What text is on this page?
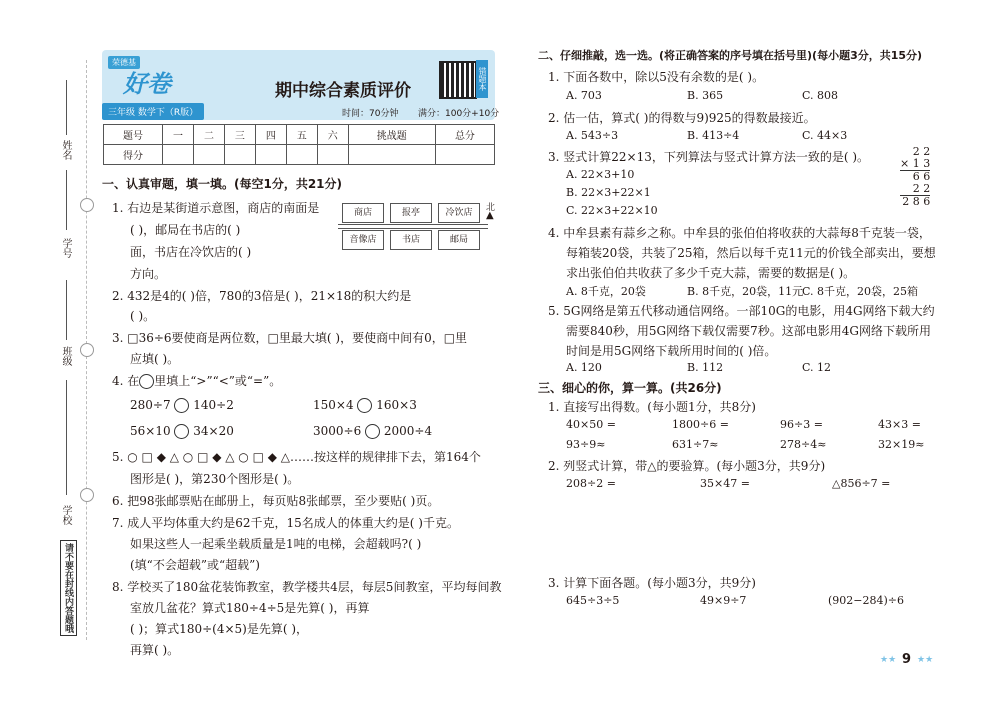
姓名
学号
班级
学校
请不要在封线内答题哦
荣德基
好卷
三年级 数学下（R版）
期中综合素质评价	错题本
时间：70分钟 满分：100分+10分
题号	一	二	三	四	五	六	挑战题	总分
得分								
一、认真审题，填一填。(每空1分，共21分)
1. 右边是某街道示意图，商店的南面是
( )，邮局在书店的( )
面，书店在冷饮店的( )
方向。
商店	报亭	冷饮店
音像店	书店	邮局
北
▲
2. 432是4的( )倍，780的3倍是( )，21×18的积大约是
( )。
3. □36÷6要使商是两位数，□里最大填( )，要使商中间有0，□里
应填( )。
4. 在 里填上“>”“<”或“=”。
280÷7 140÷2	150×4 160×3
56×10 34×20	3000÷6 2000÷4
5. ○ □ ◆ △ ○ □ ◆ △ ○ □ ◆ △……按这样的规律排下去，第164个
图形是( )，第230个图形是( )。
6. 把98张邮票贴在邮册上，每页贴8张邮票，至少要贴( )页。
7. 成人平均体重大约是62千克，15名成人的体重大约是( )千克。
如果这些人一起乘坐载质量是1吨的电梯，会超载吗?( )
(填“不会超载”或“超载”)
8. 学校买了180盆花装饰教室，教学楼共4层，每层5间教室，平均每间教
室放几盆花？算式180÷4÷5是先算( )，再算
( )；算式180÷(4×5)是先算( )，
再算( )。
二、仔细推敲，选一选。(将正确答案的序号填在括号里)(每小题3分，共15分)
1. 下面各数中，除以5没有余数的是( )。
A. 703	B. 365	C. 808
2. 估一估，算式( )的得数与9)925的得数最接近。
A. 543÷3	B. 413÷4	C. 44×3
3. 竖式计算22×13，下列算法与竖式计算方法一致的是( )。
A. 22×3+10
B. 22×3+22×1
C. 22×3+22×10
2 2
× 1 3
6 6
2 2
2 8 6
4. 中牟县素有蒜乡之称。中牟县的张伯伯将收获的大蒜每8千克装一袋，
每箱装20袋，共装了25箱，然后以每千克11元的价钱全部卖出，要想
求出张伯伯共收获了多少千克大蒜，需要的数据是( )。
A. 8千克，20袋	B. 8千克，20袋，11元
C. 8千克，20袋，25箱
5. 5G网络是第五代移动通信网络。一部10G的电影，用4G网络下载大约
需要840秒，用5G网络下载仅需要7秒。这部电影用4G网络下载所用
时间是用5G网络下载所用时间的( )倍。
A. 120	B. 112	C. 12
三、细心的你，算一算。(共26分)
1. 直接写出得数。(每小题1分，共8分)
40×50 =	1800÷6 =	96÷3 =	43×3 =
93÷9≈	631÷7≈	278÷4≈	32×19≈
2. 列竖式计算，带△的要验算。(每小题3分，共9分)
208÷2 =	35×47 =	△856÷7 =
3. 计算下面各题。(每小题3分，共9分)
645÷3÷5	49×9÷7	(902−284)÷6
★★ 9 ★★
